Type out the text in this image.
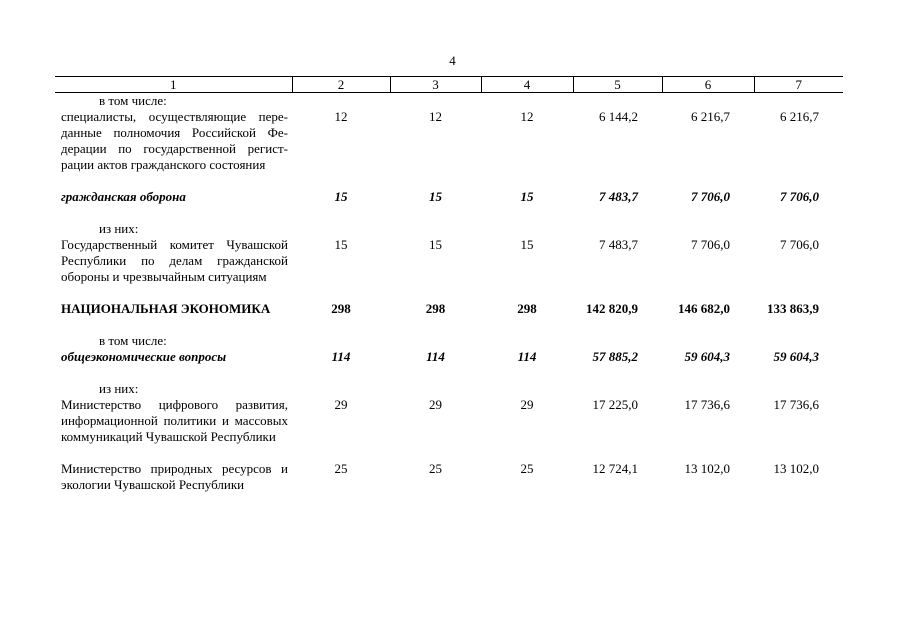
4
1	2	3	4	5	6	7

в том числе:						

специалисты, осуществляющие пере-данные полномочия Российской Фе-дерации по государственной регист-рации актов гражданского состояния	12	12	12	6 144,2	6 216,7	6 216,7

гражданская оборона	15	15	15	7 483,7	7 706,0	7 706,0

из них:						

Государственный комитет Чувашской Республики по делам гражданской обороны и чрезвычайным ситуациям	15	15	15	7 483,7	7 706,0	7 706,0

НАЦИОНАЛЬНАЯ ЭКОНОМИКА	298	298	298	142 820,9	146 682,0	133 863,9

в том числе:						

общеэкономические вопросы	114	114	114	57 885,2	59 604,3	59 604,3

из них:						

Министерство цифрового развития, информационной политики и массовых коммуникаций Чувашской Республики	29	29	29	17 225,0	17 736,6	17 736,6

Министерство природных ресурсов и экологии Чувашской Республики	25	25	25	12 724,1	13 102,0	13 102,0
